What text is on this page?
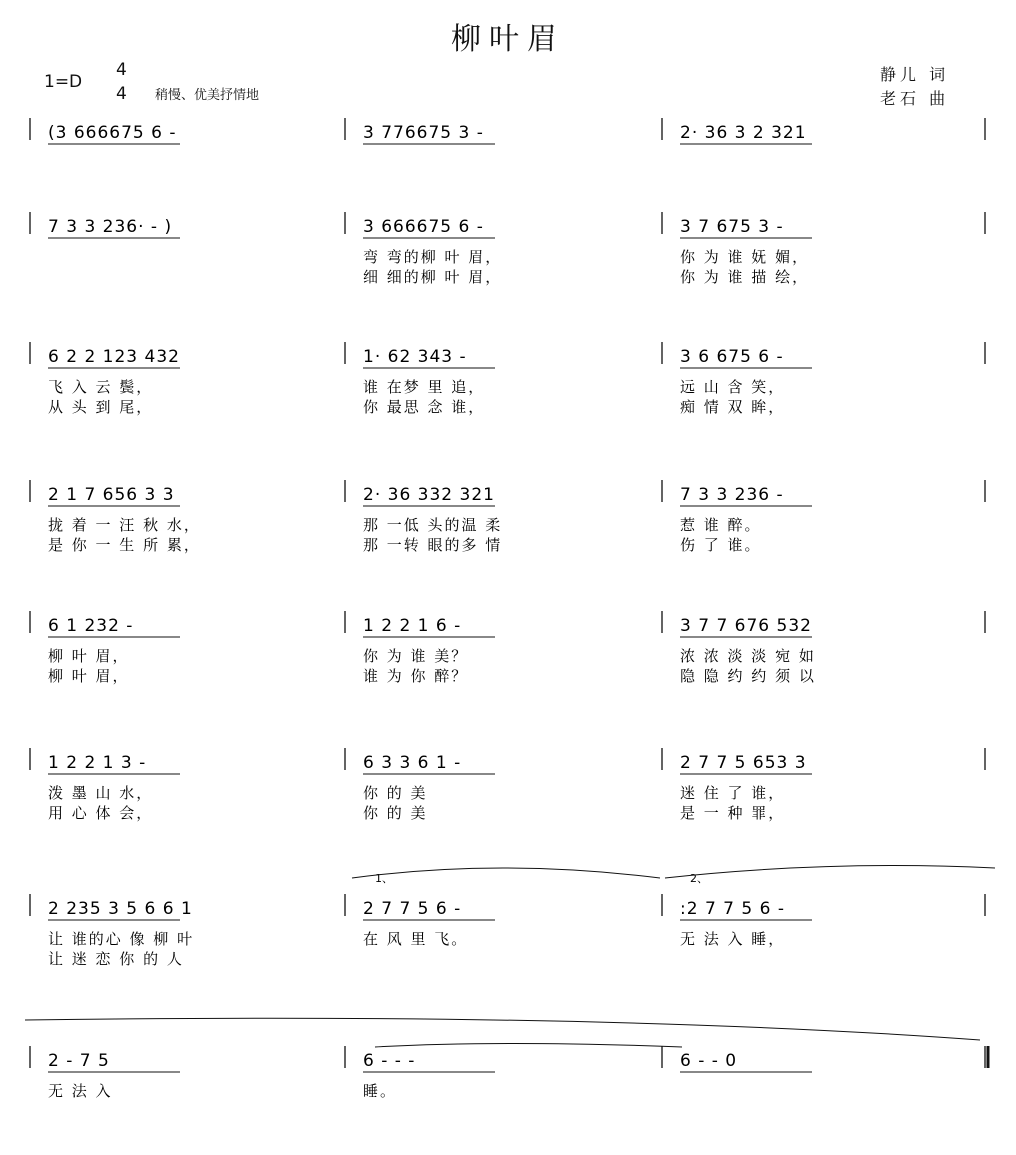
柳叶眉
1=D
4
4 稍慢、优美抒情地
静儿 词
老石 曲
(3 666675 6 -	3 776675 3 -	2· 36 3 2 321
7 3 3 236· - )	3 666675 6 -
弯 弯的柳 叶 眉，
细 细的柳 叶 眉，
3 7 675 3 -
你 为 谁 妩 媚，
你 为 谁 描 绘，
6 2 2 123 432
飞 入 云 鬓，
从 头 到 尾，
1· 62 343 -
谁 在梦 里 追，
你 最思 念 谁，
3 6 675 6 -
远 山 含 笑，
痴 情 双 眸，
2 1 7 656 3 3
拢 着 一 汪 秋 水，
是 你 一 生 所 累，
2· 36 332 321
那 一低 头的温 柔
那 一转 眼的多 情
7 3 3 236 -
惹 谁 醉。
伤 了 谁。
6 1 232 -
柳 叶 眉，
柳 叶 眉，
1 2 2 1 6 -
你 为 谁 美？
谁 为 你 醉？
3 7 7 676 532
浓 浓 淡 淡 宛 如
隐 隐 约 约 须 以
1 2 2 1 3 -
泼 墨 山 水，
用 心 体 会，
6 3 3 6 1 -
你 的 美
你 的 美
2 7 7 5 653 3
迷 住 了 谁，
是 一 种 罪，
2 235 3 5 6 6 1
让 谁的心 像 柳 叶
让 迷 恋 你 的 人
2 7 7 5 6 -
在 风 里 飞。
:2 7 7 5 6 -
无 法 入 睡，
1、	2、
2 - 7 5
无 法 入
6 - - -
睡。
6 - - 0
